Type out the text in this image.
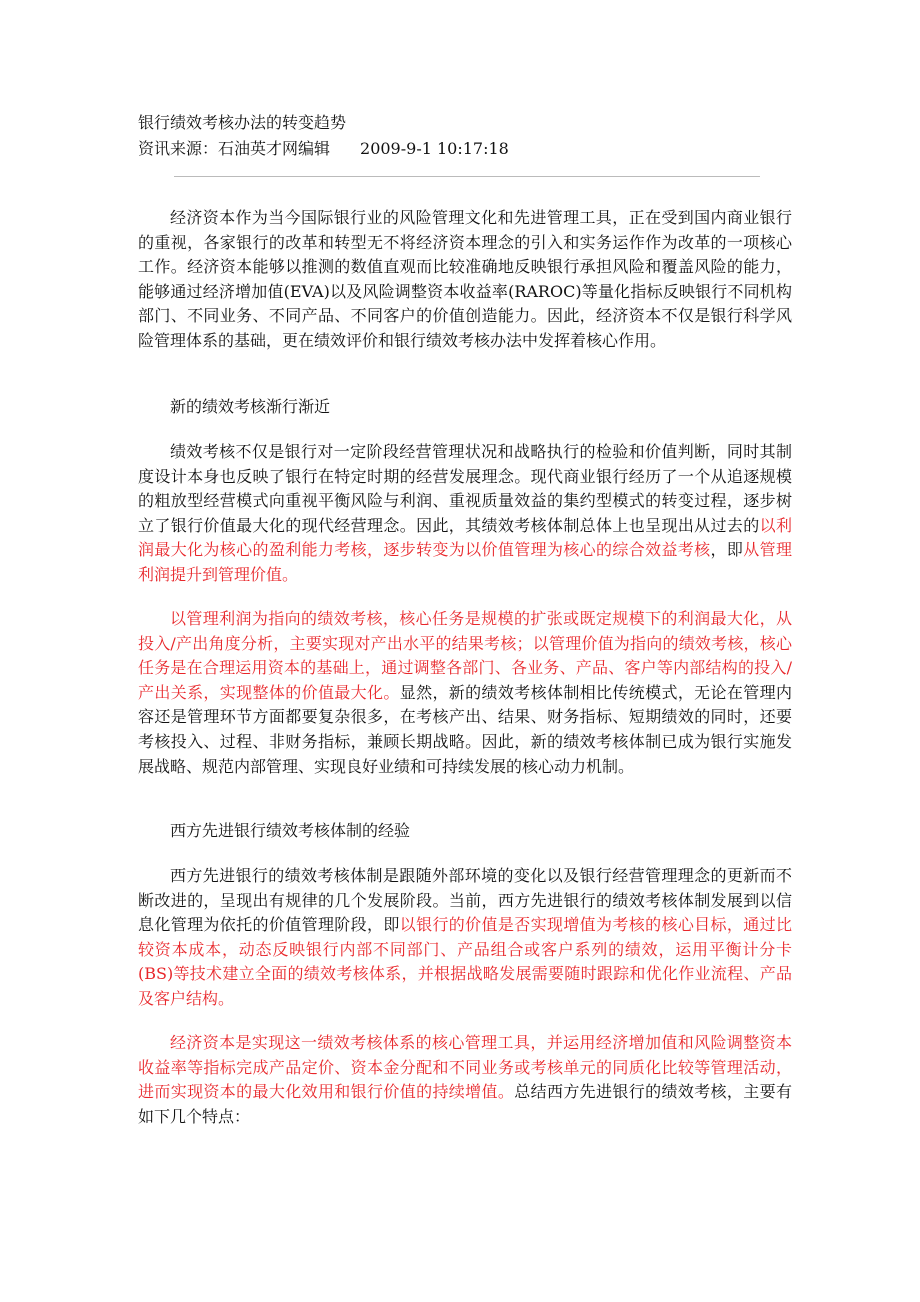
银行绩效考核办法的转变趋势
资讯来源：石油英才网编辑 2009-9-1 10:17:18

经济资本作为当今国际银行业的风险管理文化和先进管理工具，正在受到国内商业银行的重视，各家银行的改革和转型无不将经济资本理念的引入和实务运作作为改革的一项核心工作。经济资本能够以推测的数值直观而比较准确地反映银行承担风险和覆盖风险的能力，能够通过经济增加值(EVA)以及风险调整资本收益率(RAROC)等量化指标反映银行不同机构部门、不同业务、不同产品、不同客户的价值创造能力。因此，经济资本不仅是银行科学风险管理体系的基础，更在绩效评价和银行绩效考核办法中发挥着核心作用。

新的绩效考核渐行渐近

绩效考核不仅是银行对一定阶段经营管理状况和战略执行的检验和价值判断，同时其制度设计本身也反映了银行在特定时期的经营发展理念。现代商业银行经历了一个从追逐规模的粗放型经营模式向重视平衡风险与利润、重视质量效益的集约型模式的转变过程，逐步树立了银行价值最大化的现代经营理念。因此，其绩效考核体制总体上也呈现出从过去的以利润最大化为核心的盈利能力考核，逐步转变为以价值管理为核心的综合效益考核，即从管理利润提升到管理价值。

以管理利润为指向的绩效考核，核心任务是规模的扩张或既定规模下的利润最大化，从投入/产出角度分析，主要实现对产出水平的结果考核；以管理价值为指向的绩效考核，核心任务是在合理运用资本的基础上，通过调整各部门、各业务、产品、客户等内部结构的投入/产出关系，实现整体的价值最大化。显然，新的绩效考核体制相比传统模式，无论在管理内容还是管理环节方面都要复杂很多，在考核产出、结果、财务指标、短期绩效的同时，还要考核投入、过程、非财务指标，兼顾长期战略。因此，新的绩效考核体制已成为银行实施发展战略、规范内部管理、实现良好业绩和可持续发展的核心动力机制。

西方先进银行绩效考核体制的经验

西方先进银行的绩效考核体制是跟随外部环境的变化以及银行经营管理理念的更新而不断改进的，呈现出有规律的几个发展阶段。当前，西方先进银行的绩效考核体制发展到以信息化管理为依托的价值管理阶段，即以银行的价值是否实现增值为考核的核心目标，通过比较资本成本，动态反映银行内部不同部门、产品组合或客户系列的绩效，运用平衡计分卡(BS)等技术建立全面的绩效考核体系，并根据战略发展需要随时跟踪和优化作业流程、产品及客户结构。

经济资本是实现这一绩效考核体系的核心管理工具，并运用经济增加值和风险调整资本收益率等指标完成产品定价、资本金分配和不同业务或考核单元的同质化比较等管理活动，进而实现资本的最大化效用和银行价值的持续增值。总结西方先进银行的绩效考核，主要有如下几个特点：
